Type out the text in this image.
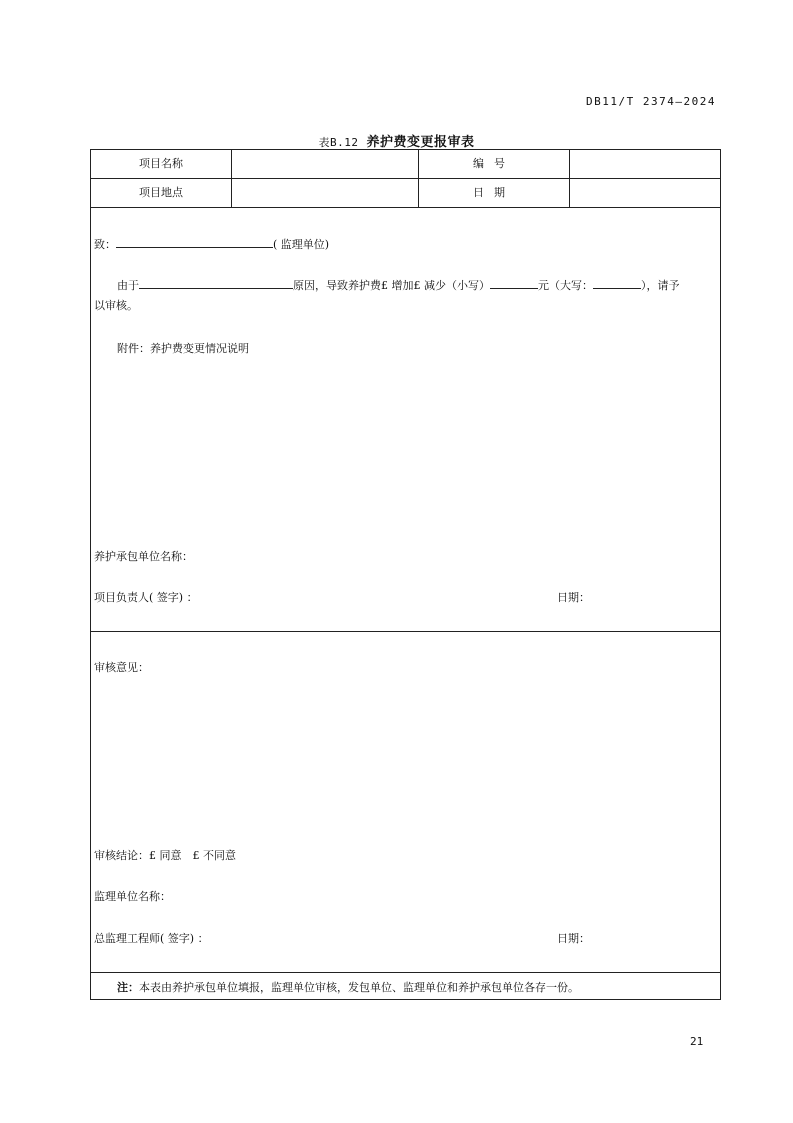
DB11/T 2374—2024
表B.12 养护费变更报审表
项目名称	编号
项目地点	日期
致：	( 监理单位)
由于	原因，导致养护费£ 增加£ 减少（小写）	元（大写：	），请予
以审核。
附件：养护费变更情况说明
养护承包单位名称：
项目负责人( 签字) ：	日期：
审核意见：
审核结论：£ 同意　£ 不同意
监理单位名称：
总监理工程师( 签字) ：	日期：
注：本表由养护承包单位填报，监理单位审核，发包单位、监理单位和养护承包单位各存一份。
21
